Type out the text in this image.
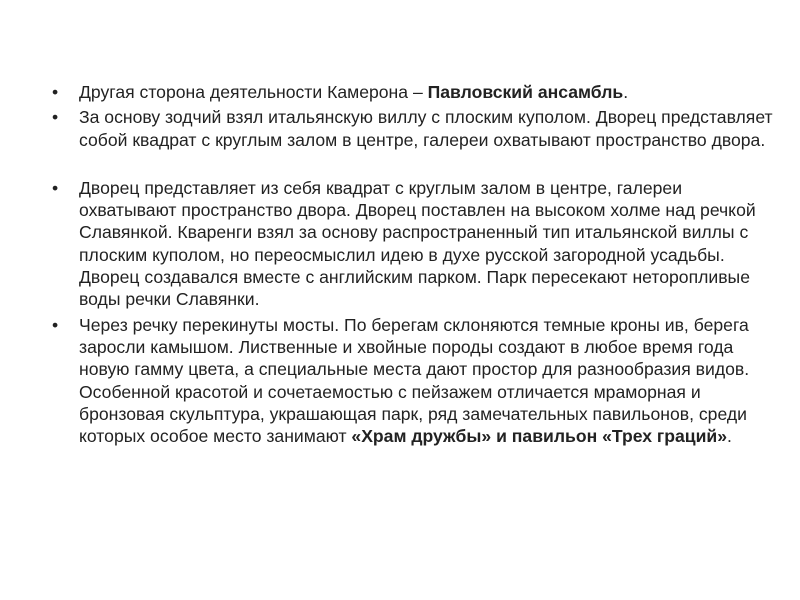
•	Другая сторона деятельности Камерона – Павловский ансамбль.
•	За основу зодчий взял итальянскую виллу с плоским куполом. Дворец представляет собой квадрат с круглым залом в центре, галереи охватывают пространство двора.
•	Дворец представляет из себя квадрат с круглым залом в центре, галереи охватывают пространство двора. Дворец поставлен на высоком холме над речкой Славянкой. Кваренги взял за основу распространенный тип итальянской виллы с плоским куполом, но переосмыслил идею в духе русской загородной усадьбы. Дворец создавался вместе с английским парком. Парк пересекают неторопливые воды речки Славянки.
•	Через речку перекинуты мосты. По берегам склоняются темные кроны ив, берега заросли камышом. Лиственные и хвойные породы создают в любое время года новую гамму цвета, а специальные места дают простор для разнообразия видов. Особенной красотой и сочетаемостью с пейзажем отличается мраморная и бронзовая скульптура, украшающая парк, ряд замечательных павильонов, среди которых особое место занимают «Храм дружбы» и павильон «Трех граций».
